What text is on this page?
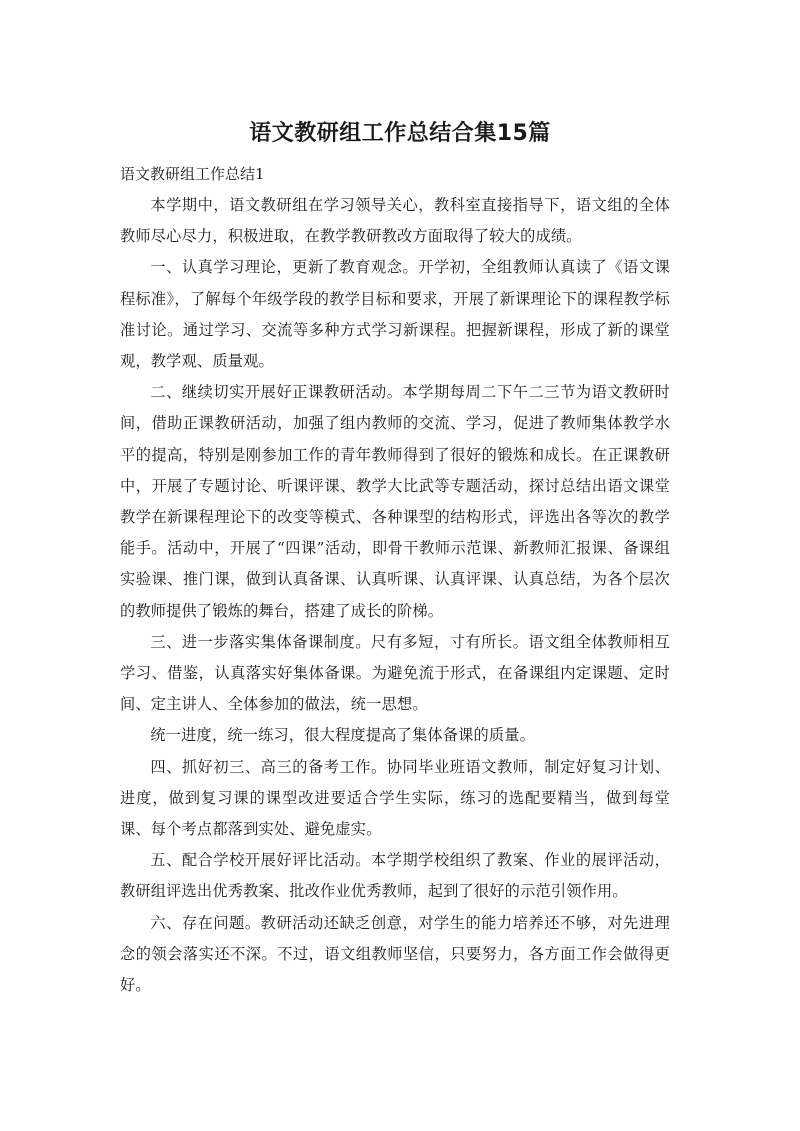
语文教研组工作总结合集15篇
语文教研组工作总结1

本学期中，语文教研组在学习领导关心，教科室直接指导下，语文组的全体教师尽心尽力，积极进取，在教学教研教改方面取得了较大的成绩。

一、认真学习理论，更新了教育观念。开学初，全组教师认真读了《语文课程标准》，了解每个年级学段的教学目标和要求，开展了新课理论下的课程教学标准讨论。通过学习、交流等多种方式学习新课程。把握新课程，形成了新的课堂观，教学观、质量观。

二、继续切实开展好正课教研活动。本学期每周二下午二三节为语文教研时间，借助正课教研活动，加强了组内教师的交流、学习，促进了教师集体教学水平的提高，特别是刚参加工作的青年教师得到了很好的锻炼和成长。在正课教研中，开展了专题讨论、听课评课、教学大比武等专题活动，探讨总结出语文课堂教学在新课程理论下的改变等模式、各种课型的结构形式，评选出各等次的教学能手。活动中，开展了“四课”活动，即骨干教师示范课、新教师汇报课、备课组实验课、推门课，做到认真备课、认真听课、认真评课、认真总结，为各个层次的教师提供了锻炼的舞台，搭建了成长的阶梯。

三、进一步落实集体备课制度。尺有多短，寸有所长。语文组全体教师相互学习、借鉴，认真落实好集体备课。为避免流于形式，在备课组内定课题、定时间、定主讲人、全体参加的做法，统一思想。

统一进度，统一练习，很大程度提高了集体备课的质量。

四、抓好初三、高三的备考工作。协同毕业班语文教师，制定好复习计划、进度，做到复习课的课型改进要适合学生实际，练习的选配要精当，做到每堂课、每个考点都落到实处、避免虚实。

五、配合学校开展好评比活动。本学期学校组织了教案、作业的展评活动，教研组评选出优秀教案、批改作业优秀教师，起到了很好的示范引领作用。

六、存在问题。教研活动还缺乏创意，对学生的能力培养还不够，对先进理念的领会落实还不深。不过，语文组教师坚信，只要努力，各方面工作会做得更好。
